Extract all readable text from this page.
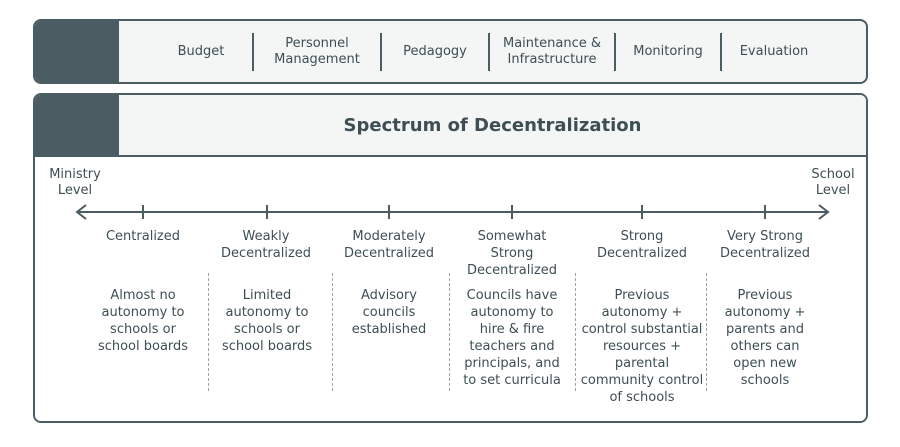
Budget
Personnel Management
Pedagogy
Maintenance & Infrastructure
Monitoring	Evaluation
Spectrum of Decentralization
Ministry Level
School Level
Centralized	Weakly Decentralized
Moderately Decentralized
Somewhat Strong Decentralized
Strong Decentralized
Very Strong Decentralized
Almost no autonomy to schools or school boards
Limited autonomy to schools or school boards
Advisory councils established
Councils have autonomy to hire & fire teachers and principals, and to set curricula
Previous autonomy + control substantial resources + parental community control of schools
Previous autonomy + parents and others can open new schools
